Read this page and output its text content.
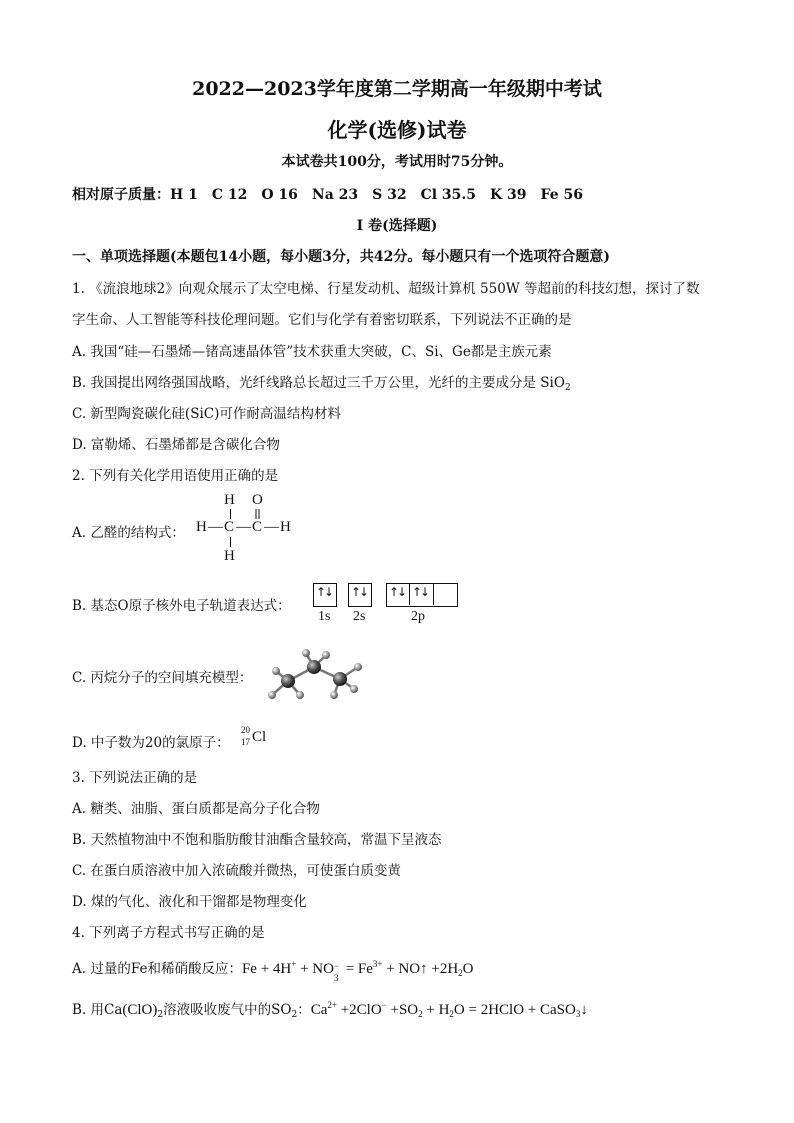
2022—2023学年度第二学期高一年级期中考试
化学(选修)试卷
本试卷共100分，考试用时75分钟。
相对原子质量：H 1　C 12　O 16　Na 23　S 32　Cl 35.5　K 39　Fe 56
I 卷(选择题)
一、单项选择题(本题包14小题，每小题3分，共42分。每小题只有一个选项符合题意)
1. 《流浪地球2》向观众展示了太空电梯、行星发动机、超级计算机 550W 等超前的科技幻想，探讨了数
字生命、人工智能等科技伦理问题。它们与化学有着密切联系，下列说法不正确的是
A. 我国“硅—石墨烯—锗高速晶体管”技术获重大突破，C、Si、Ge都是主族元素
B. 我国提出网络强国战略，光纤线路总长超过三千万公里，光纤的主要成分是 SiO$_2$
C. 新型陶瓷碳化硅(SiC)可作耐高温结构材料
D. 富勒烯、石墨烯都是含碳化合物
2. 下列有关化学用语使用正确的是
A. 乙醛的结构式：
H O
H — C — C — H
H
B. 基态O原子核外电子轨道表达式：
↑↓ ↑↓ ↑↓ ↑↓
1s 2s	2p
C. 丙烷分子的空间填充模型：
D. 中子数为20的氯原子：
20
17 Cl
3. 下列说法正确的是
A. 糖类、油脂、蛋白质都是高分子化合物
B. 天然植物油中不饱和脂肪酸甘油酯含量较高，常温下呈液态
C. 在蛋白质溶液中加入浓硫酸并微热，可使蛋白质变黄
D. 煤的气化、液化和干馏都是物理变化
4. 下列离子方程式书写正确的是
A. 过量的Fe和稀硝酸反应：Fe + 4H+ + NO −
3
= $Fe^{3+}$ + NO↑ $+2H_2O$
B. 用$Ca(ClO)_2$溶液吸收废气中的$SO_2$：$Ca^{2+} +2ClO^- +SO_2 + H_2O$ = 2HClO + CaSO$_3$↓
